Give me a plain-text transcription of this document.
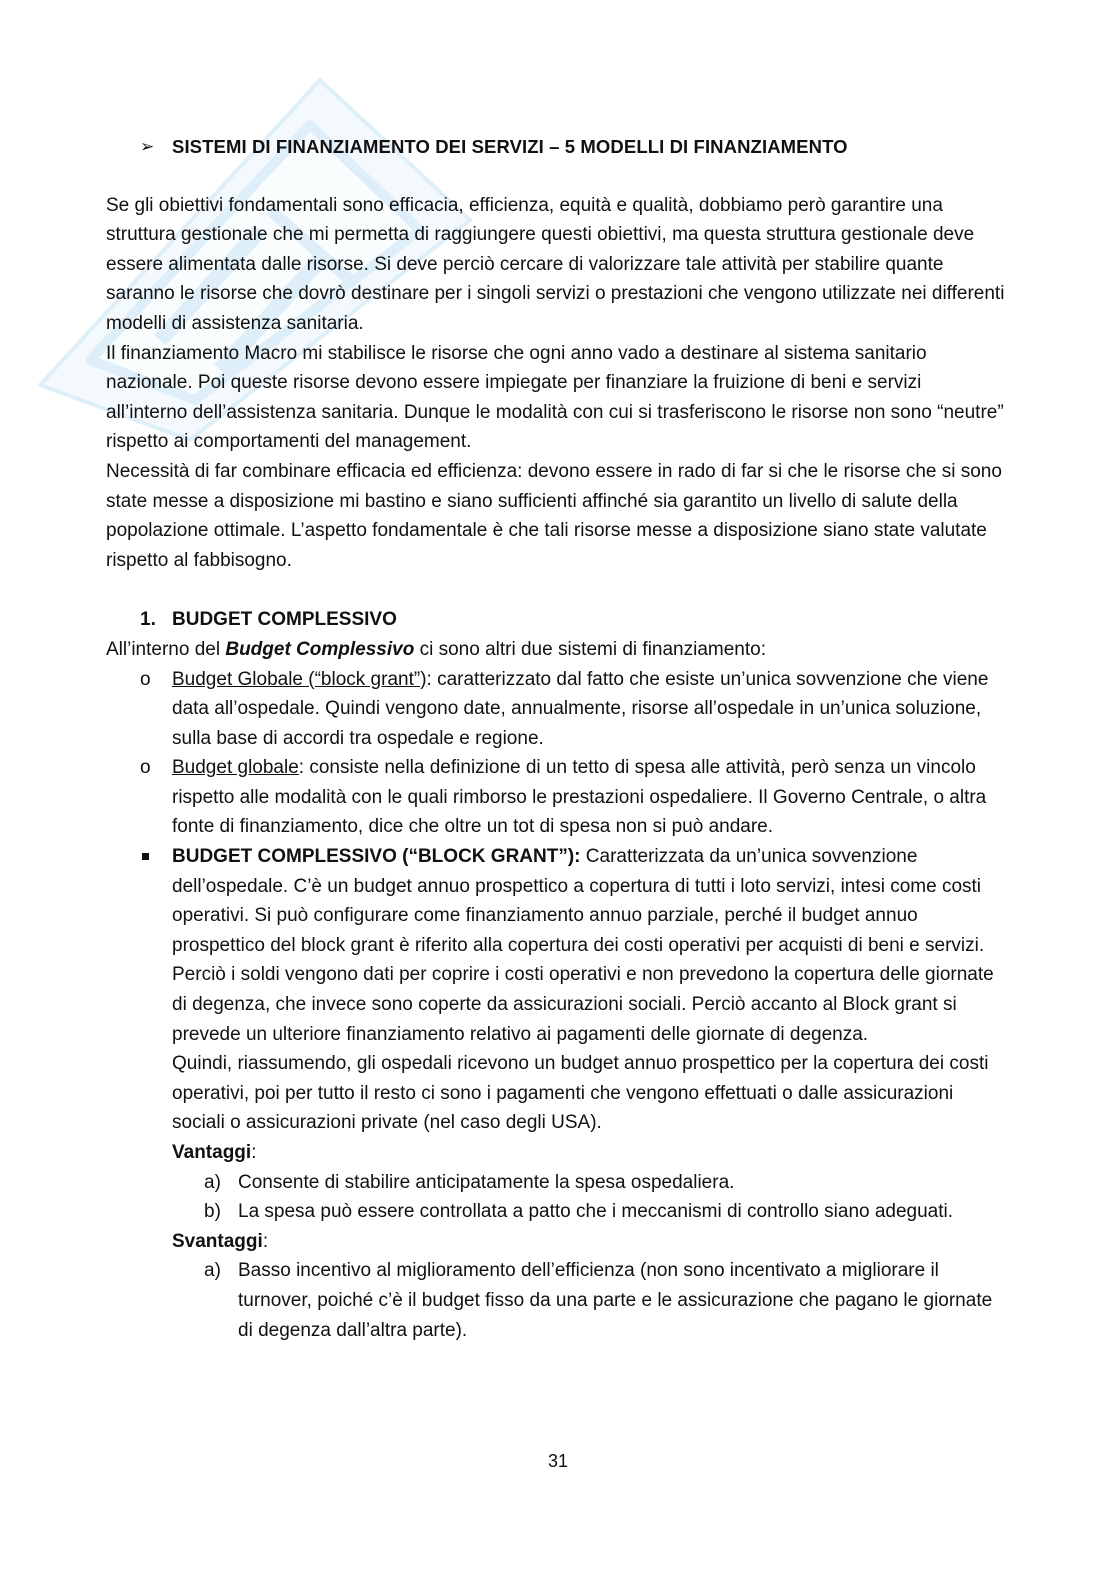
➢ SISTEMI DI FINANZIAMENTO DEI SERVIZI – 5 MODELLI DI FINANZIAMENTO

Se gli obiettivi fondamentali sono efficacia, efficienza, equità e qualità, dobbiamo però garantire una struttura gestionale che mi permetta di raggiungere questi obiettivi, ma questa struttura gestionale deve essere alimentata dalle risorse. Si deve perciò cercare di valorizzare tale attività per stabilire quante saranno le risorse che dovrò destinare per i singoli servizi o prestazioni che vengono utilizzate nei differenti modelli di assistenza sanitaria.

Il finanziamento Macro mi stabilisce le risorse che ogni anno vado a destinare al sistema sanitario nazionale. Poi queste risorse devono essere impiegate per finanziare la fruizione di beni e servizi all’interno dell’assistenza sanitaria. Dunque le modalità con cui si trasferiscono le risorse non sono “neutre” rispetto ai comportamenti del management.

Necessità di far combinare efficacia ed efficienza: devono essere in rado di far si che le risorse che si sono state messe a disposizione mi bastino e siano sufficienti affinché sia garantito un livello di salute della popolazione ottimale. L’aspetto fondamentale è che tali risorse messe a disposizione siano state valutate rispetto al fabbisogno.

1. BUDGET COMPLESSIVO

All’interno del Budget Complessivo ci sono altri due sistemi di finanziamento:

o Budget Globale (“block grant”): caratterizzato dal fatto che esiste un’unica sovvenzione che viene data all’ospedale. Quindi vengono date, annualmente, risorse all’ospedale in un’unica soluzione, sulla base di accordi tra ospedale e regione.
o Budget globale: consiste nella definizione di un tetto di spesa alle attività, però senza un vincolo rispetto alle modalità con le quali rimborso le prestazioni ospedaliere. Il Governo Centrale, o altra fonte di finanziamento, dice che oltre un tot di spesa non si può andare.
BUDGET COMPLESSIVO (“BLOCK GRANT”): Caratterizzata da un’unica sovvenzione dell’ospedale. C’è un budget annuo prospettico a copertura di tutti i loto servizi, intesi come costi operativi. Si può configurare come finanziamento annuo parziale, perché il budget annuo prospettico del block grant è riferito alla copertura dei costi operativi per acquisti di beni e servizi. Perciò i soldi vengono dati per coprire i costi operativi e non prevedono la copertura delle giornate di degenza, che invece sono coperte da assicurazioni sociali. Perciò accanto al Block grant si prevede un ulteriore finanziamento relativo ai pagamenti delle giornate di degenza.

Quindi, riassumendo, gli ospedali ricevono un budget annuo prospettico per la copertura dei costi operativi, poi per tutto il resto ci sono i pagamenti che vengono effettuati o dalle assicurazioni sociali o assicurazioni private (nel caso degli USA).

Vantaggi:

a) Consente di stabilire anticipatamente la spesa ospedaliera.
b) La spesa può essere controllata a patto che i meccanismi di controllo siano adeguati.

Svantaggi:

a) Basso incentivo al miglioramento dell’efficienza (non sono incentivato a migliorare il turnover, poiché c’è il budget fisso da una parte e le assicurazione che pagano le giornate di degenza dall’altra parte).
31
